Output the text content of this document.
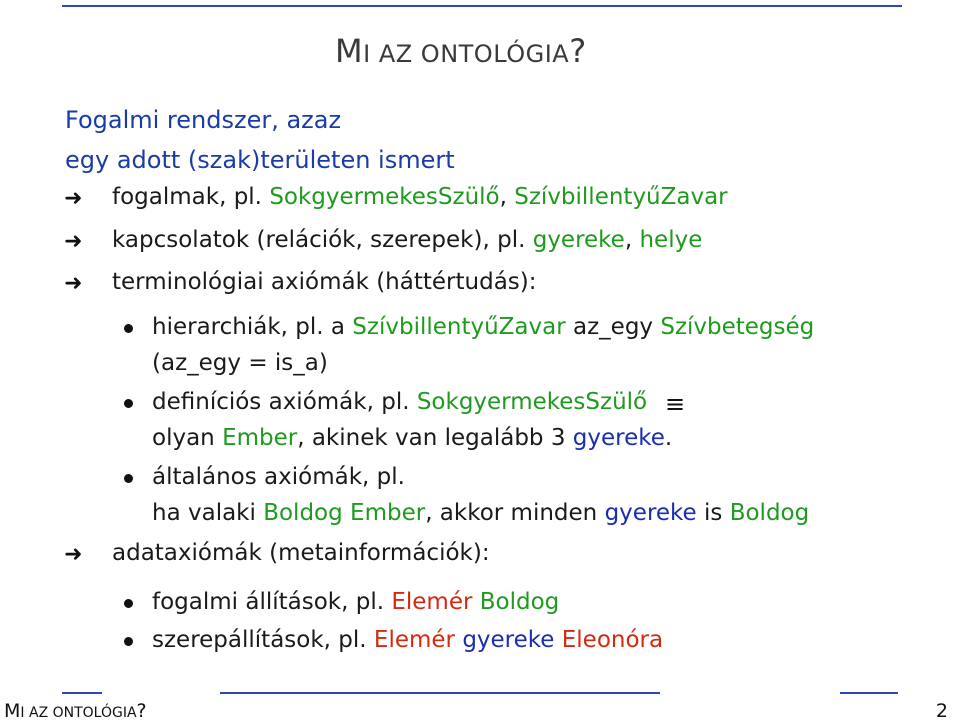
MI AZ ONTOLÓGIA?
Fogalmi rendszer, azaz
egy adott (szak)területen ismert
➜ fogalmak, pl. SokgyermekesSzülő, SzívbillentyűZavar
➜ kapcsolatok (relációk, szerepek), pl. gyereke, helye
➜ terminológiai axiómák (háttértudás):
hierarchiák, pl. a SzívbillentyűZavar az_egy Szívbetegség
(az_egy = is_a)
definíciós axiómák, pl. SokgyermekesSzülő ≡
olyan Ember, akinek van legalább 3 gyereke.
általános axiómák, pl.
ha valaki Boldog Ember, akkor minden gyereke is Boldog
➜ adataxiómák (metainformációk):
fogalmi állítások, pl. Elemér Boldog
szerepállítások, pl. Elemér gyereke Eleonóra
MI AZ ONTOLÓGIA?	2
